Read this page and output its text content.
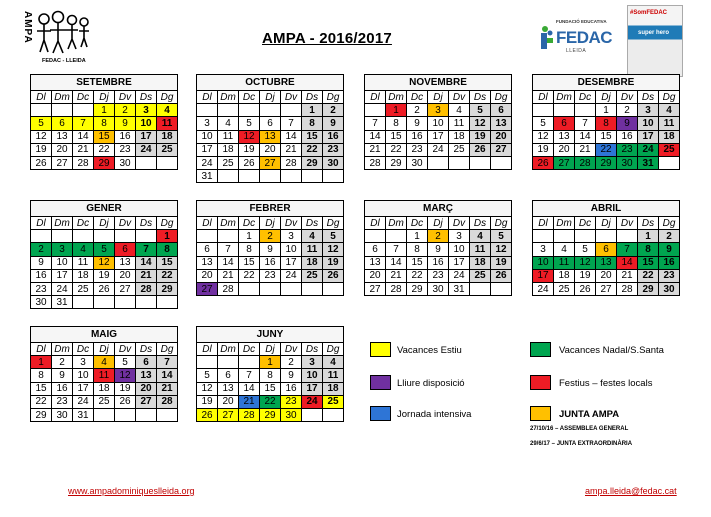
AMPA
FEDAC - LLEIDA
AMPA - 2016/2017
FUNDACIÓ EDUCATIVA
FEDAC
LLEIDA
#SomFEDAC
super hero
SETEMBRE
Dl	Dm	Dc	Dj	Dv	Ds	Dg
			1	2	3	4
5	6	7	8	9	10	11
12	13	14	15	16	17	18
19	20	21	22	23	24	25
26	27	28	29	30		
OCTUBRE
Dl	Dm	Dc	Dj	Dv	Ds	Dg
					1	2
3	4	5	6	7	8	9
10	11	12	13	14	15	16
17	18	19	20	21	22	23
24	25	26	27	28	29	30
31						
NOVEMBRE
Dl	Dm	Dc	Dj	Dv	Ds	Dg
	1	2	3	4	5	6
7	8	9	10	11	12	13
14	15	16	17	18	19	20
21	22	23	24	25	26	27
28	29	30				
DESEMBRE
Dl	Dm	Dc	Dj	Dv	Ds	Dg
			1	2	3	4
5	6	7	8	9	10	11
12	13	14	15	16	17	18
19	20	21	22	23	24	25
26	27	28	29	30	31	
GENER
Dl	Dm	Dc	Dj	Dv	Ds	Dg
						1
2	3	4	5	6	7	8
9	10	11	12	13	14	15
16	17	18	19	20	21	22
23	24	25	26	27	28	29
30	31					
FEBRER
Dl	Dm	Dc	Dj	Dv	Ds	Dg
		1	2	3	4	5
6	7	8	9	10	11	12
13	14	15	16	17	18	19
20	21	22	23	24	25	26
27	28					
MARÇ
Dl	Dm	Dc	Dj	Dv	Ds	Dg
		1	2	3	4	5
6	7	8	9	10	11	12
13	14	15	16	17	18	19
20	21	22	23	24	25	26
27	28	29	30	31		
ABRIL
Dl	Dm	Dc	Dj	Dv	Ds	Dg
					1	2
3	4	5	6	7	8	9
10	11	12	13	14	15	16
17	18	19	20	21	22	23
24	25	26	27	28	29	30
MAIG
Dl	Dm	Dc	Dj	Dv	Ds	Dg
1	2	3	4	5	6	7
8	9	10	11	12	13	14
15	16	17	18	19	20	21
22	23	24	25	26	27	28
29	30	31				
JUNY
Dl	Dm	Dc	Dj	Dv	Ds	Dg
			1	2	3	4
5	6	7	8	9	10	11
12	13	14	15	16	17	18
19	20	21	22	23	24	25
26	27	28	29	30		
Vacances Estiu	Vacances Nadal/S.Santa
Lliure disposició	Festius – festes locals
Jornada intensiva	JUNTA AMPA
27/10/16 – ASSEMBLEA GENERAL
29/6/17 – JUNTA EXTRAORDINÀRIA
www.ampadominiqueslleida.org	ampa.lleida@fedac.cat
